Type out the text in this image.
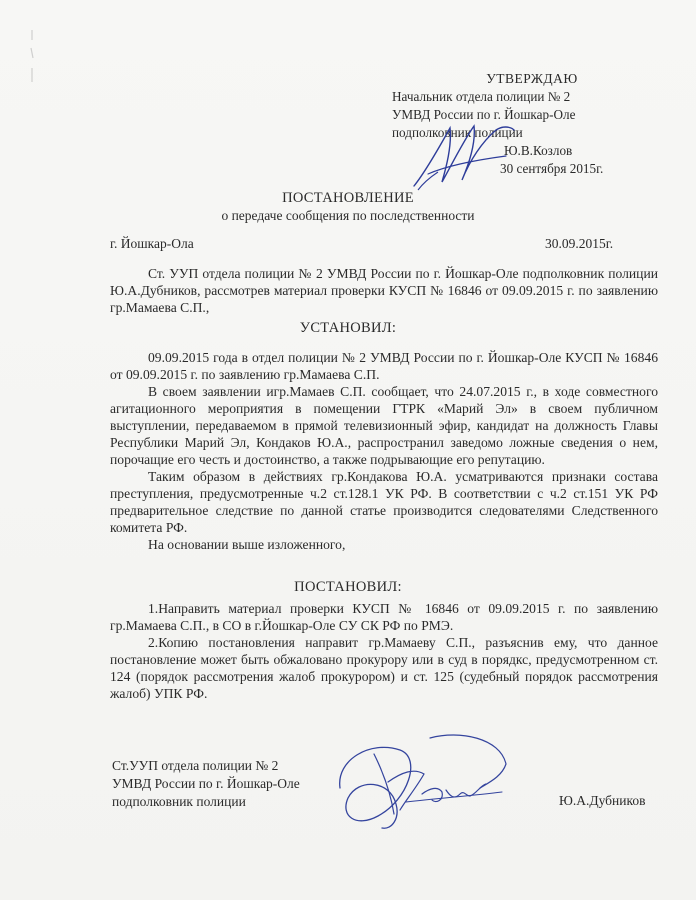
УТВЕРЖДАЮ
Начальник отдела полиции № 2
УМВД России по г. Йошкар-Оле
подполковник полиции
Ю.В.Козлов
30 сентября 2015г.
ПОСТАНОВЛЕНИЕ
о передаче сообщения по последственности
г. Йошкар-Ола	30.09.2015г.

Ст. УУП отдела полиции № 2 УМВД России по г. Йошкар-Оле подполковник полиции Ю.А.Дубников, рассмотрев материал проверки КУСП № 16846 от 09.09.2015 г. по заявлению гр.Мамаева С.П.,

УСТАНОВИЛ:

09.09.2015 года в отдел полиции № 2 УМВД России по г. Йошкар-Оле КУСП № 16846 от 09.09.2015 г. по заявлению гр.Мамаева С.П.

В своем заявлении игр.Мамаев С.П. сообщает, что 24.07.2015 г., в ходе совместного агитационного мероприятия в помещении ГТРК «Марий Эл» в своем публичном выступлении, передаваемом в прямой телевизионный эфир, кандидат на должность Главы Республики Марий Эл, Кондаков Ю.А., распространил заведомо ложные сведения о нем, порочащие его честь и достоинство, а также подрывающие его репутацию.

Таким образом в действиях гр.Кондакова Ю.А. усматриваются признаки состава преступления, предусмотренные ч.2 ст.128.1 УК РФ. В соответствии с ч.2 ст.151 УК РФ предварительное следствие по данной статье производится следователями Следственного комитета РФ.

На основании выше изложенного,

ПОСТАНОВИЛ:

1.Направить материал проверки КУСП № 16846 от 09.09.2015 г. по заявлению гр.Мамаева С.П., в СО в г.Йошкар-Оле СУ СК РФ по РМЭ.

2.Копию постановления направит гр.Мамаеву С.П., разъяснив ему, что данное постановление может быть обжаловано прокурору или в суд в порядкс, предусмотренном ст. 124 (порядок рассмотрения жалоб прокурором) и ст. 125 (судебный порядок рассмотрения жалоб) УПК РФ.

Ст.УУП отдела полиции № 2
УМВД России по г. Йошкар-Оле
подполковник полиции	Ю.А.Дубников
